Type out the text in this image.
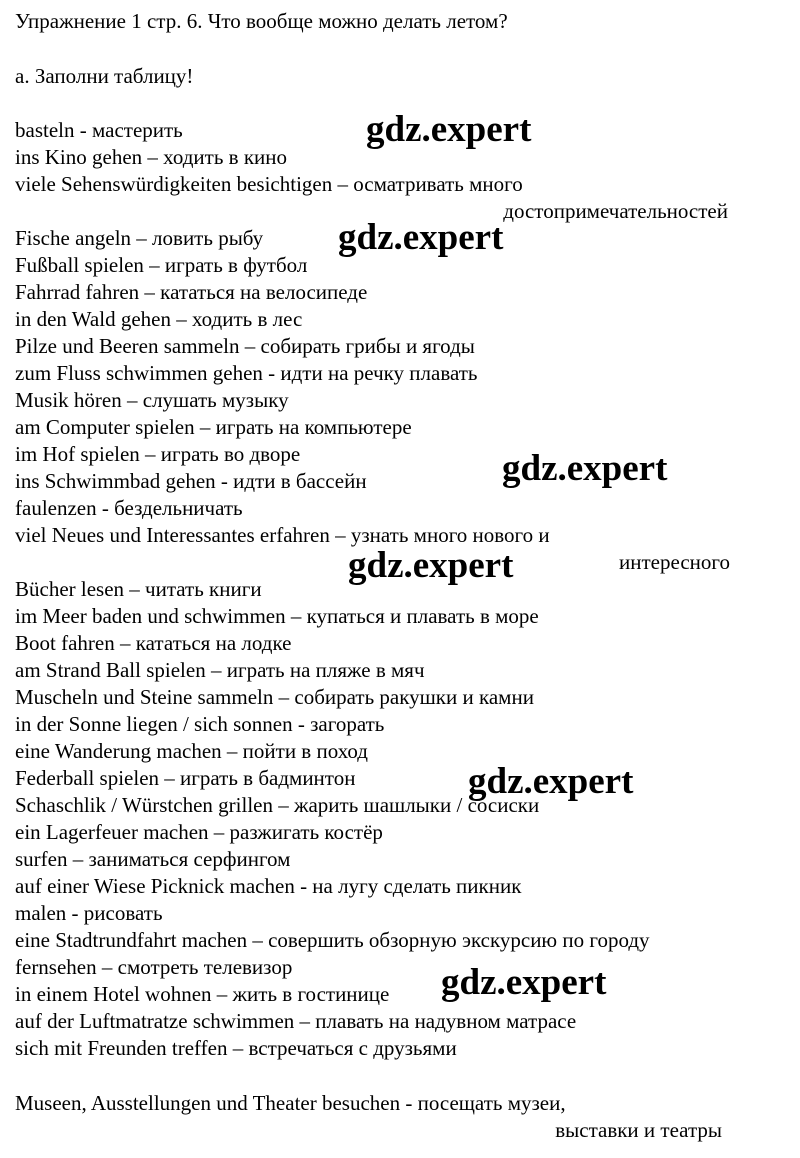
Упражнение 1 стр. 6. Что вообще можно делать летом?
a. Заполни таблицу!
basteln - мастерить
ins Kino gehen – ходить в кино
viele Sehenswürdigkeiten besichtigen – осматривать много
достопримечательностей
Fische angeln – ловить рыбу
Fußball spielen – играть в футбол
Fahrrad fahren – кататься на велосипеде
in den Wald gehen – ходить в лес
Pilze und Beeren sammeln – собирать грибы и ягоды
zum Fluss schwimmen gehen - идти на речку плавать
Musik hören – слушать музыку
am Computer spielen – играть на компьютере
im Hof spielen – играть во дворе
ins Schwimmbad gehen - идти в бассейн
faulenzen - бездельничать
viel Neues und Interessantes erfahren – узнать много нового и
интересного
Bücher lesen – читать книги
im Meer baden und schwimmen – купаться и плавать в море
Boot fahren – кататься на лодке
am Strand Ball spielen – играть на пляже в мяч
Muscheln und Steine sammeln – собирать ракушки и камни
in der Sonne liegen / sich sonnen - загорать
eine Wanderung machen – пойти в поход
Federball spielen – играть в бадминтон
Schaschlik / Würstchen grillen – жарить шашлыки / сосиски
ein Lagerfeuer machen – разжигать костёр
surfen – заниматься серфингом
auf einer Wiese Picknick machen - на лугу сделать пикник
malen - рисовать
eine Stadtrundfahrt machen – совершить обзорную экскурсию по городу
fernsehen – смотреть телевизор
in einem Hotel wohnen – жить в гостинице
auf der Luftmatratze schwimmen – плавать на надувном матрасе
sich mit Freunden treffen – встречаться с друзьями
Museen, Ausstellungen und Theater besuchen - посещать музеи,
выставки и театры
gdz.expert
gdz.expert
gdz.expert
gdz.expert
gdz.expert
gdz.expert
